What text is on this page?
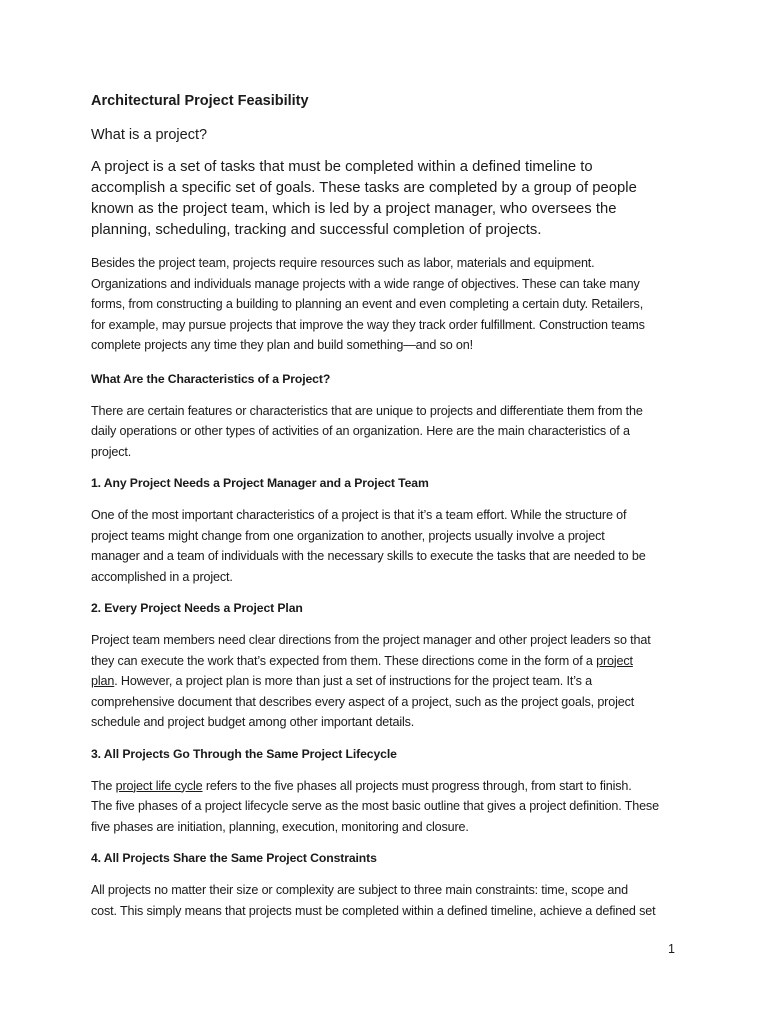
Architectural Project Feasibility

What is a project?

A project is a set of tasks that must be completed within a defined timeline to
accomplish a specific set of goals. These tasks are completed by a group of people
known as the project team, which is led by a project manager, who oversees the
planning, scheduling, tracking and successful completion of projects.
Besides the project team, projects require resources such as labor, materials and equipment.
Organizations and individuals manage projects with a wide range of objectives. These can take many
forms, from constructing a building to planning an event and even completing a certain duty. Retailers,
for example, may pursue projects that improve the way they track order fulfillment. Construction teams
complete projects any time they plan and build something—and so on!

What Are the Characteristics of a Project?

There are certain features or characteristics that are unique to projects and differentiate them from the
daily operations or other types of activities of an organization. Here are the main characteristics of a
project.

1. Any Project Needs a Project Manager and a Project Team

One of the most important characteristics of a project is that it’s a team effort. While the structure of
project teams might change from one organization to another, projects usually involve a project
manager and a team of individuals with the necessary skills to execute the tasks that are needed to be
accomplished in a project.

2. Every Project Needs a Project Plan

Project team members need clear directions from the project manager and other project leaders so that
they can execute the work that’s expected from them. These directions come in the form of a project
plan. However, a project plan is more than just a set of instructions for the project team. It’s a
comprehensive document that describes every aspect of a project, such as the project goals, project
schedule and project budget among other important details.

3. All Projects Go Through the Same Project Lifecycle

The project life cycle refers to the five phases all projects must progress through, from start to finish.
The five phases of a project lifecycle serve as the most basic outline that gives a project definition. These
five phases are initiation, planning, execution, monitoring and closure.

4. All Projects Share the Same Project Constraints

All projects no matter their size or complexity are subject to three main constraints: time, scope and
cost. This simply means that projects must be completed within a defined timeline, achieve a defined set
1
